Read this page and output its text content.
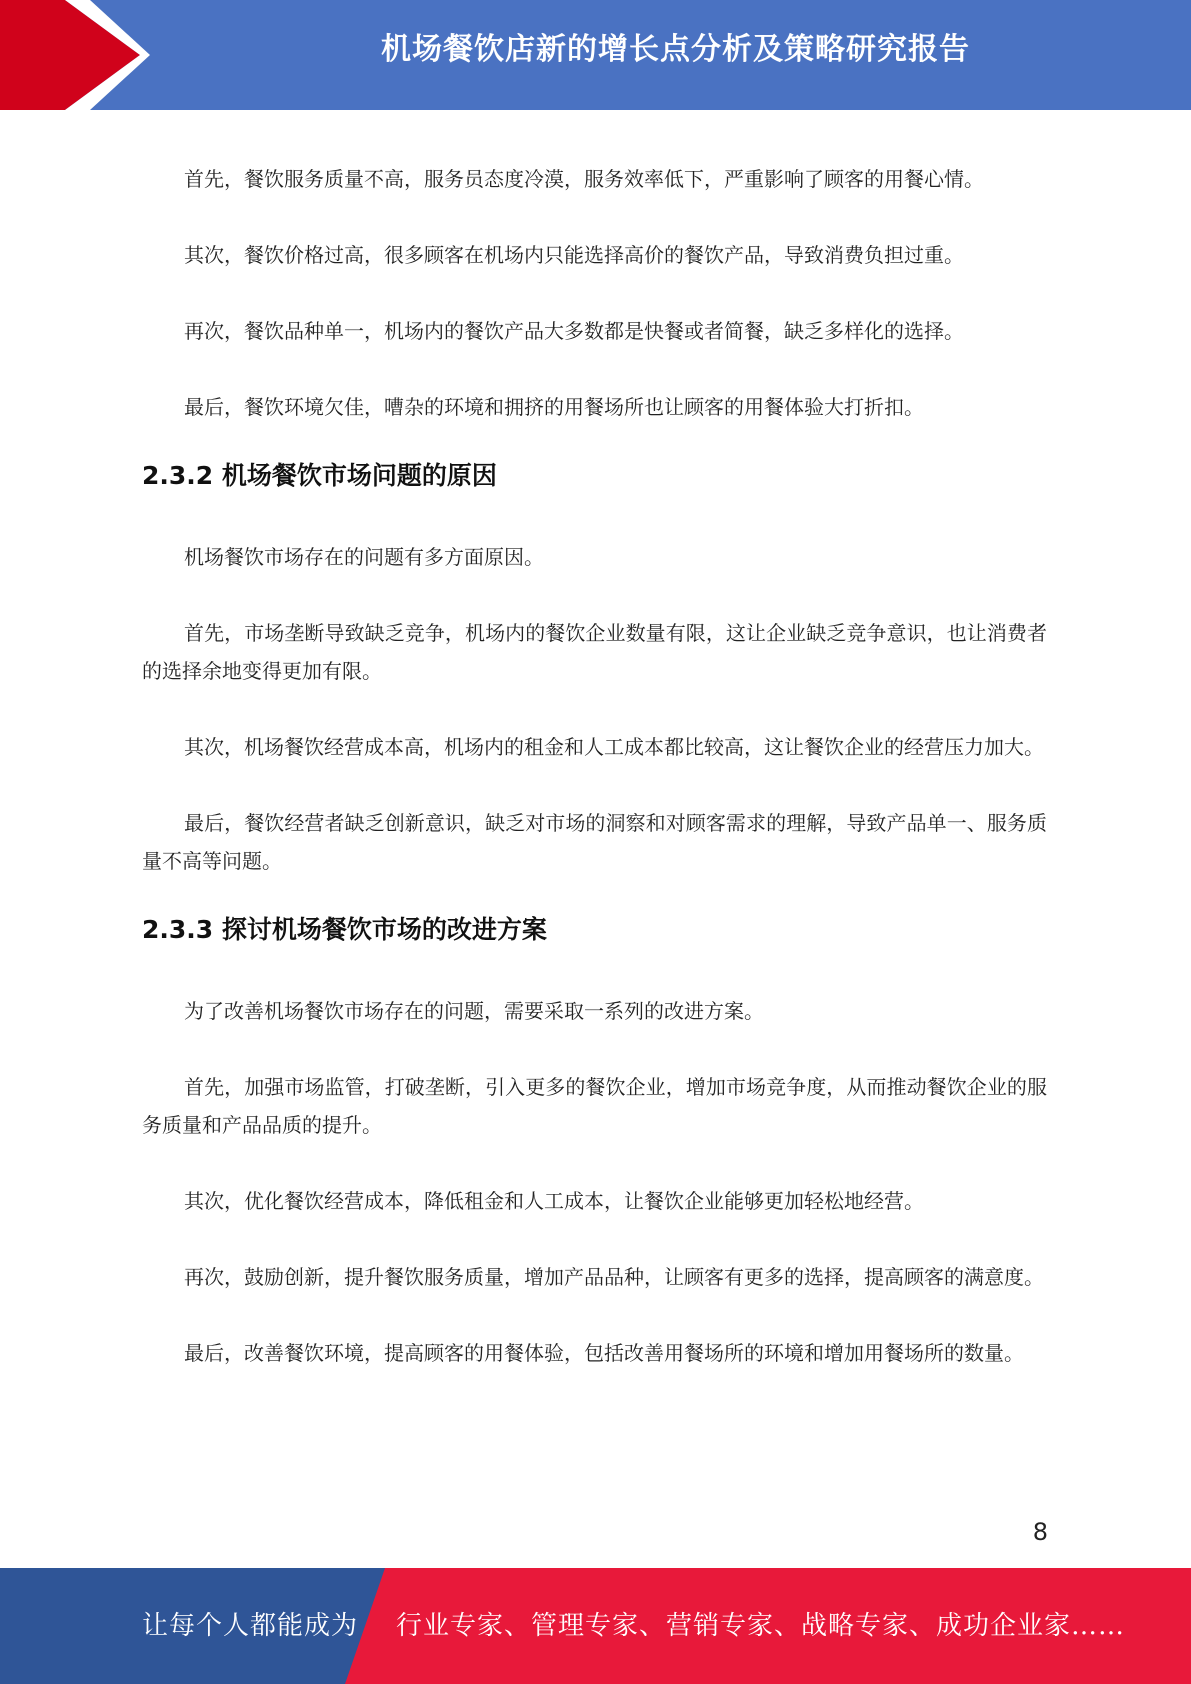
机场餐饮店新的增长点分析及策略研究报告

首先，餐饮服务质量不高，服务员态度冷漠，服务效率低下，严重影响了顾客的用餐心情。

其次，餐饮价格过高，很多顾客在机场内只能选择高价的餐饮产品，导致消费负担过重。

再次，餐饮品种单一，机场内的餐饮产品大多数都是快餐或者简餐，缺乏多样化的选择。

最后，餐饮环境欠佳，嘈杂的环境和拥挤的用餐场所也让顾客的用餐体验大打折扣。

2.3.2 机场餐饮市场问题的原因

机场餐饮市场存在的问题有多方面原因。

首先，市场垄断导致缺乏竞争，机场内的餐饮企业数量有限，这让企业缺乏竞争意识，也让消费者的选择余地变得更加有限。

其次，机场餐饮经营成本高，机场内的租金和人工成本都比较高，这让餐饮企业的经营压力加大。

最后，餐饮经营者缺乏创新意识，缺乏对市场的洞察和对顾客需求的理解，导致产品单一、服务质量不高等问题。

2.3.3 探讨机场餐饮市场的改进方案

为了改善机场餐饮市场存在的问题，需要采取一系列的改进方案。

首先，加强市场监管，打破垄断，引入更多的餐饮企业，增加市场竞争度，从而推动餐饮企业的服务质量和产品品质的提升。

其次，优化餐饮经营成本，降低租金和人工成本，让餐饮企业能够更加轻松地经营。

再次，鼓励创新，提升餐饮服务质量，增加产品品种，让顾客有更多的选择，提高顾客的满意度。

最后，改善餐饮环境，提高顾客的用餐体验，包括改善用餐场所的环境和增加用餐场所的数量。

8
让每个人都能成为 行业专家、管理专家、营销专家、战略专家、成功企业家……
